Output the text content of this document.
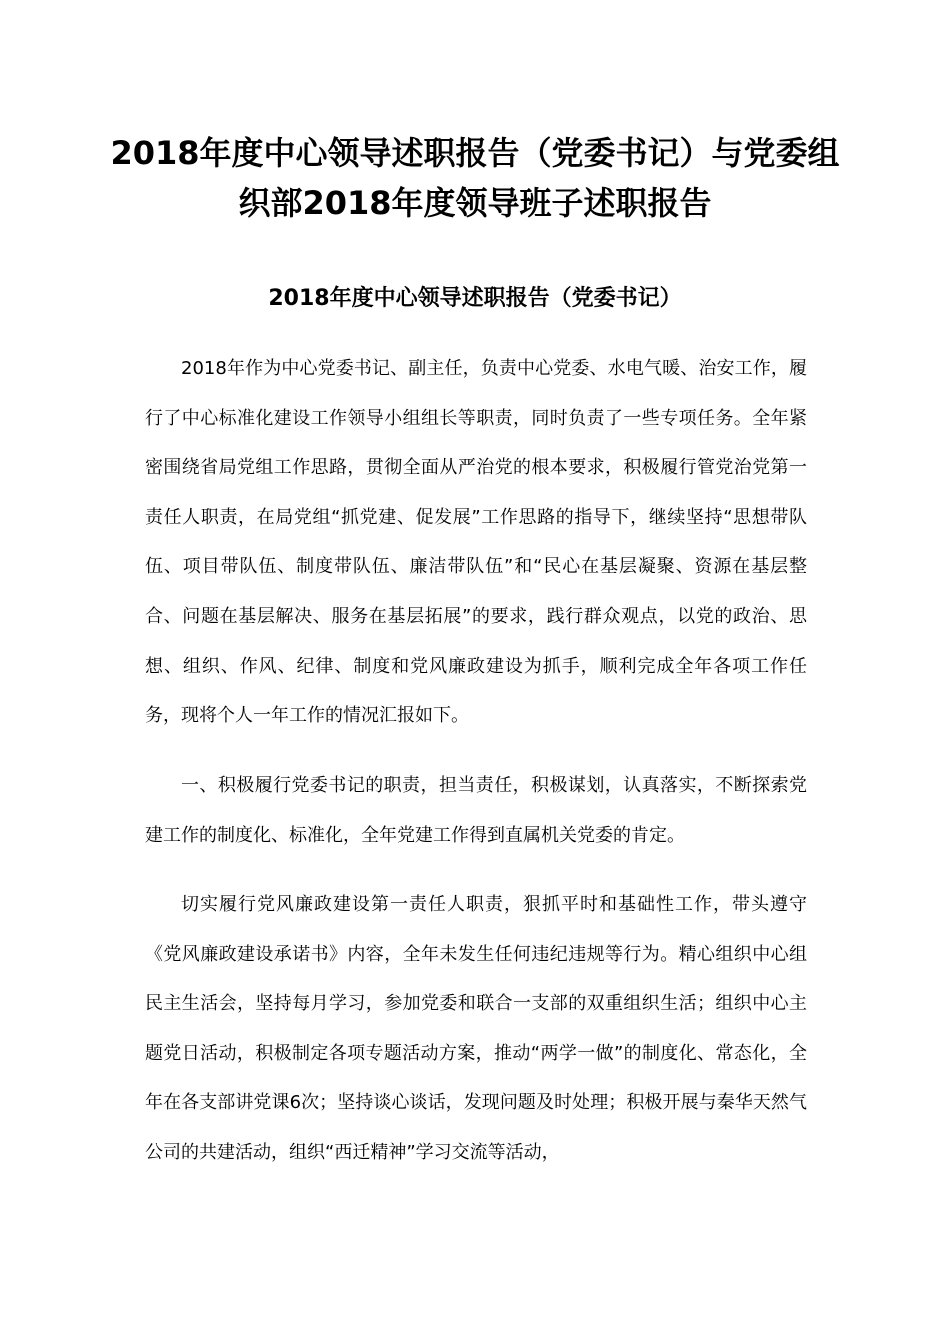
2018年度中心领导述职报告（党委书记）与党委组织部2018年度领导班子述职报告
2018年度中心领导述职报告（党委书记）

2018年作为中心党委书记、副主任，负责中心党委、水电气暖、治安工作，履行了中心标准化建设工作领导小组组长等职责，同时负责了一些专项任务。全年紧密围绕省局党组工作思路，贯彻全面从严治党的根本要求，积极履行管党治党第一责任人职责，在局党组“抓党建、促发展”工作思路的指导下，继续坚持“思想带队伍、项目带队伍、制度带队伍、廉洁带队伍”和“民心在基层凝聚、资源在基层整合、问题在基层解决、服务在基层拓展”的要求，践行群众观点，以党的政治、思想、组织、作风、纪律、制度和党风廉政建设为抓手，顺利完成全年各项工作任务，现将个人一年工作的情况汇报如下。

一、积极履行党委书记的职责，担当责任，积极谋划，认真落实，不断探索党建工作的制度化、标准化，全年党建工作得到直属机关党委的肯定。

切实履行党风廉政建设第一责任人职责，狠抓平时和基础性工作，带头遵守《党风廉政建设承诺书》内容，全年未发生任何违纪违规等行为。精心组织中心组民主生活会，坚持每月学习，参加党委和联合一支部的双重组织生活；组织中心主题党日活动，积极制定各项专题活动方案，推动“两学一做”的制度化、常态化，全年在各支部讲党课6次；坚持谈心谈话，发现问题及时处理；积极开展与秦华天然气公司的共建活动，组织“西迁精神”学习交流等活动，
